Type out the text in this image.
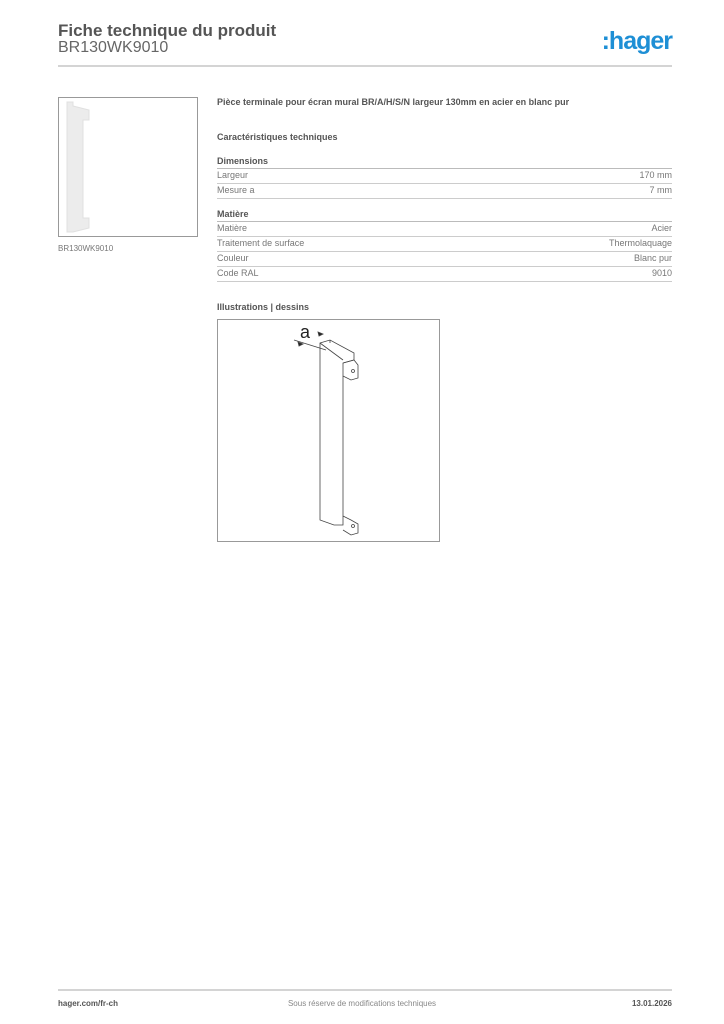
Fiche technique du produit
BR130WK9010	:hager
BR130WK9010
Pièce terminale pour écran mural BR/A/H/S/N largeur 130mm en acier en blanc pur
Caractéristiques techniques
Dimensions
Largeur	170 mm
Mesure a	7 mm
Matière
Matière	Acier
Traitement de surface	Thermolaquage
Couleur	Blanc pur
Code RAL	9010
Illustrations | dessins
a
hager.com/fr-ch	Sous réserve de modifications techniques	13.01.2026
